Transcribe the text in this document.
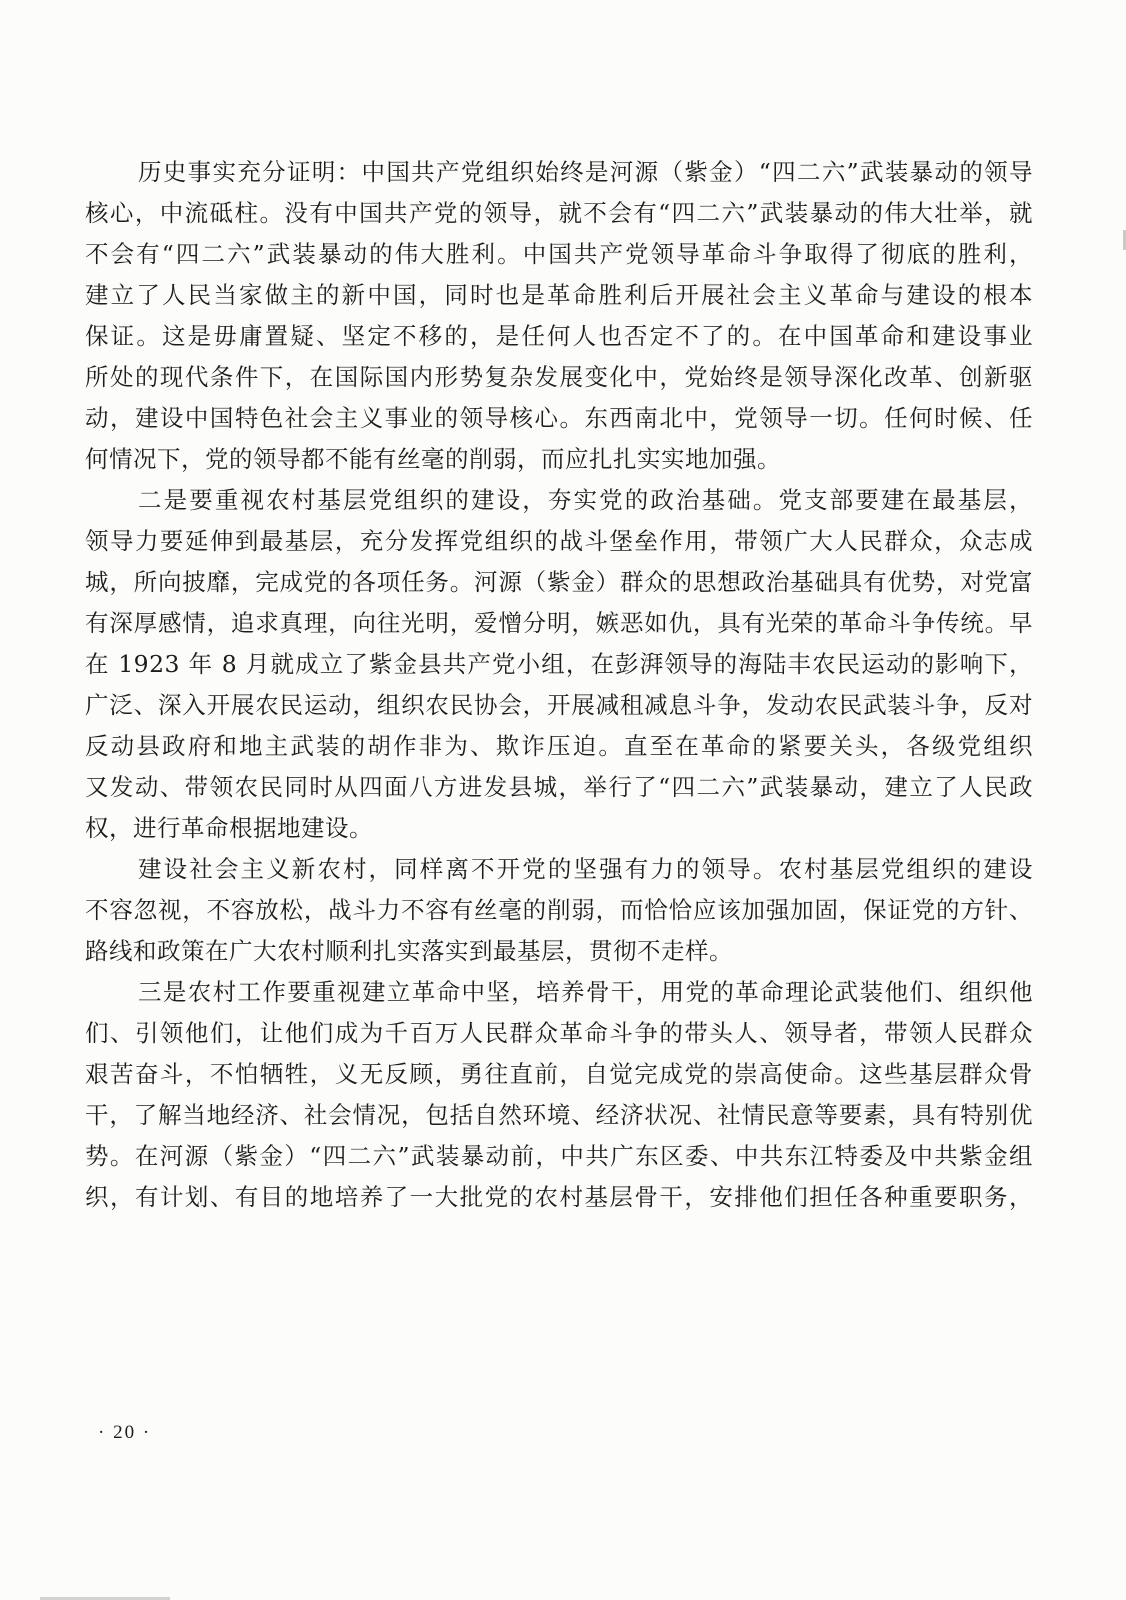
历史事实充分证明：中国共产党组织始终是河源（紫金）“四二六”武装暴动的领导
核心，中流砥柱。没有中国共产党的领导，就不会有“四二六”武装暴动的伟大壮举，就
不会有“四二六”武装暴动的伟大胜利。中国共产党领导革命斗争取得了彻底的胜利，
建立了人民当家做主的新中国，同时也是革命胜利后开展社会主义革命与建设的根本
保证。这是毋庸置疑、坚定不移的，是任何人也否定不了的。在中国革命和建设事业
所处的现代条件下，在国际国内形势复杂发展变化中，党始终是领导深化改革、创新驱
动，建设中国特色社会主义事业的领导核心。东西南北中，党领导一切。任何时候、任
何情况下，党的领导都不能有丝毫的削弱，而应扎扎实实地加强。
二是要重视农村基层党组织的建设，夯实党的政治基础。党支部要建在最基层，
领导力要延伸到最基层，充分发挥党组织的战斗堡垒作用，带领广大人民群众，众志成
城，所向披靡，完成党的各项任务。河源（紫金）群众的思想政治基础具有优势，对党富
有深厚感情，追求真理，向往光明，爱憎分明，嫉恶如仇，具有光荣的革命斗争传统。早
在 1923 年 8 月就成立了紫金县共产党小组，在彭湃领导的海陆丰农民运动的影响下，
广泛、深入开展农民运动，组织农民协会，开展减租减息斗争，发动农民武装斗争，反对
反动县政府和地主武装的胡作非为、欺诈压迫。直至在革命的紧要关头，各级党组织
又发动、带领农民同时从四面八方进发县城，举行了“四二六”武装暴动，建立了人民政
权，进行革命根据地建设。
建设社会主义新农村，同样离不开党的坚强有力的领导。农村基层党组织的建设
不容忽视，不容放松，战斗力不容有丝毫的削弱，而恰恰应该加强加固，保证党的方针、
路线和政策在广大农村顺利扎实落实到最基层，贯彻不走样。
三是农村工作要重视建立革命中坚，培养骨干，用党的革命理论武装他们、组织他
们、引领他们，让他们成为千百万人民群众革命斗争的带头人、领导者，带领人民群众
艰苦奋斗，不怕牺牲，义无反顾，勇往直前，自觉完成党的崇高使命。这些基层群众骨
干，了解当地经济、社会情况，包括自然环境、经济状况、社情民意等要素，具有特别优
势。在河源（紫金）“四二六”武装暴动前，中共广东区委、中共东江特委及中共紫金组
织，有计划、有目的地培养了一大批党的农村基层骨干，安排他们担任各种重要职务，
· 20 ·
